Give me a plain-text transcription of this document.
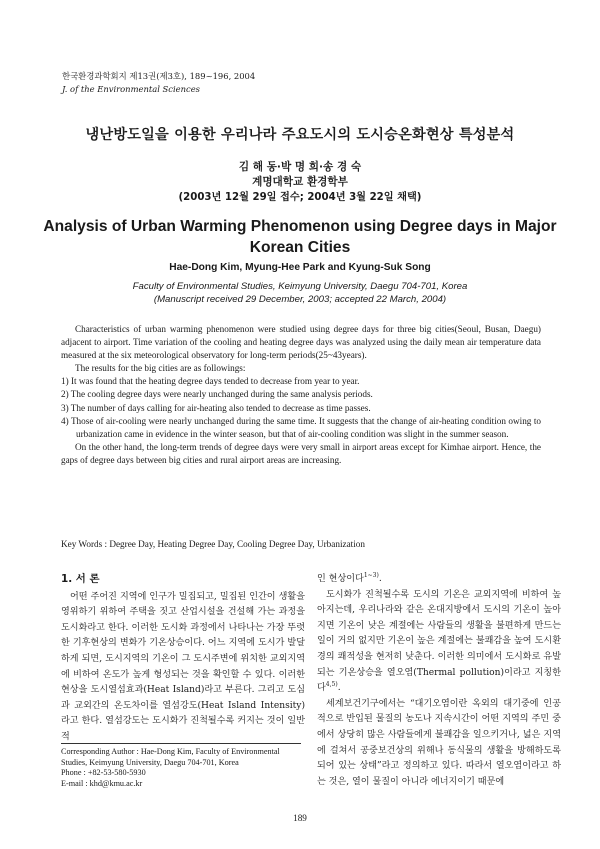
한국환경과학회지 제13권(제3호), 189~196, 2004
J. of the Environmental Sciences
냉난방도일을 이용한 우리나라 주요도시의 도시승온화현상 특성분석
김 해 동·박 명 희·송 경 숙
계명대학교 환경학부
(2003년 12월 29일 접수; 2004년 3월 22일 채택)
Analysis of Urban Warming Phenomenon using Degree days in Major Korean Cities
Hae-Dong Kim, Myung-Hee Park and Kyung-Suk Song
Faculty of Environmental Studies, Keimyung University, Daegu 704-701, Korea
(Manuscript received 29 December, 2003; accepted 22 March, 2004)

Characteristics of urban warming phenomenon were studied using degree days for three big cities(Seoul, Busan, Daegu) adjacent to airport. Time variation of the cooling and heating degree days was analyzed using the daily mean air temperature data measured at the six meteorological observatory for long-term periods(25~43years).

The results for the big cities are as followings:

1) It was found that the heating degree days tended to decrease from year to year.

2) The cooling degree days were nearly unchanged during the same analysis periods.

3) The number of days calling for air-heating also tended to decrease as time passes.

4) Those of air-cooling were nearly unchanged during the same time. It suggests that the change of air-heating condition owing to urbanization came in evidence in the winter season, but that of air-cooling condition was slight in the summer season.

On the other hand, the long-term trends of degree days were very small in airport areas except for Kimhae airport. Hence, the gaps of degree days between big cities and rural airport areas are increasing.

Key Words : Degree Day, Heating Degree Day, Cooling Degree Day, Urbanization
1. 서 론

어떤 주어진 지역에 인구가 밀집되고, 밀집된 인간이 생활을 영위하기 위하여 주택을 짓고 산업시설을 건설해 가는 과정을 도시화라고 한다. 이러한 도시화 과정에서 나타나는 가장 뚜렷한 기후현상의 변화가 기온상승이다. 어느 지역에 도시가 발달하게 되면, 도시지역의 기온이 그 도시주변에 위치한 교외지역에 비하여 온도가 높게 형성되는 것을 확인할 수 있다. 이러한 현상을 도시열섬효과(Heat Island)라고 부른다. 그리고 도심과 교외간의 온도차이를 열섬강도(Heat Island Intensity)라고 한다. 열섬강도는 도시화가 진척될수록 커지는 것이 일반적

인 현상이다$^{1\sim 3)}$.

도시화가 진척될수록 도시의 기온은 교외지역에 비하여 높아지는데, 우리나라와 같은 온대지방에서 도시의 기온이 높아지면 기온이 낮은 계절에는 사람들의 생활을 불편하게 만드는 일이 거의 없지만 기온이 높은 계절에는 불쾌감을 높여 도시환경의 쾌적성을 현저히 낮춘다. 이러한 의미에서 도시화로 유발되는 기온상승을 열오염(Thermal pollution)이라고 지칭한다$^{4,5)}$.

세계보건기구에서는 “대기오염이란 옥외의 대기중에 인공적으로 반입된 물질의 농도나 지속시간이 어떤 지역의 주민 중에서 상당히 많은 사람들에게 불쾌감을 일으키거나, 넓은 지역에 걸쳐서 공중보건상의 위해나 동식물의 생활을 방해하도록 되어 있는 상태”라고 정의하고 있다. 따라서 열오염이라고 하는 것은, 열이 물질이 아니라 에너지이기 때문에

Corresponding Author : Hae-Dong Kim, Faculty of Environmental
Studies, Keimyung University, Daegu 704-701, Korea
Phone : +82-53-580-5930
E-mail : khd@kmu.ac.kr
189
